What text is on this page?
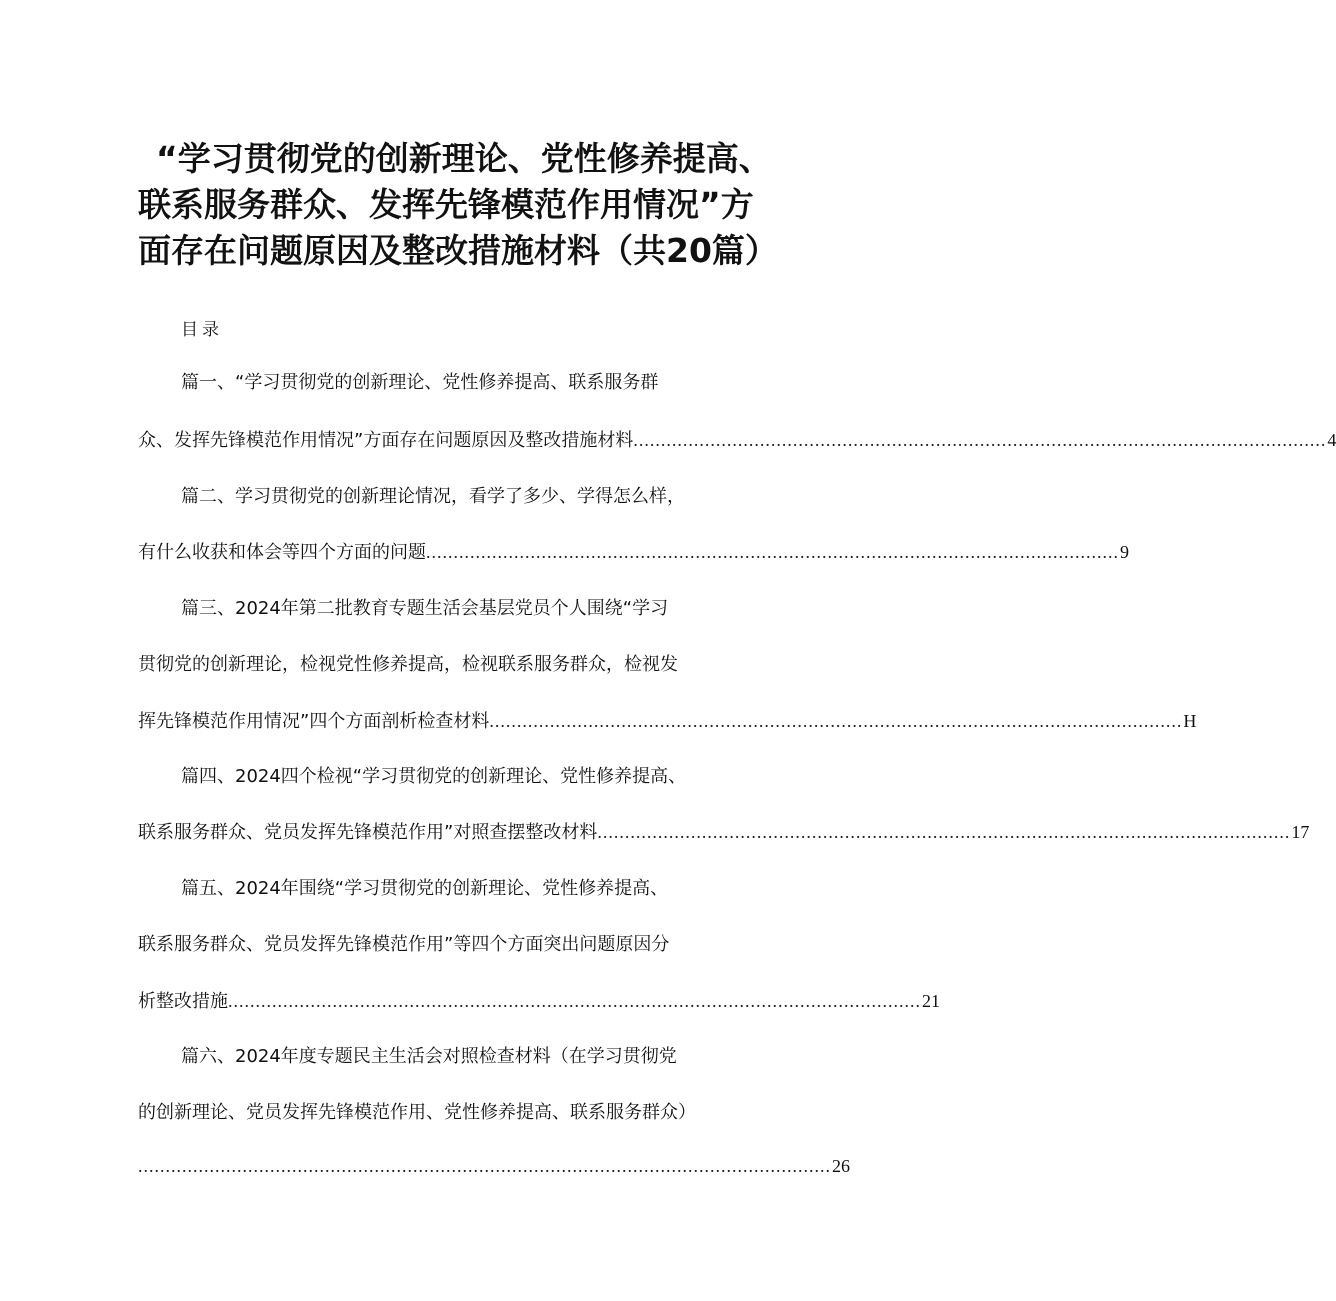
“学习贯彻党的创新理论、党性修养提高、
联系服务群众、发挥先锋模范作用情况”方
面存在问题原因及整改措施材料（共20篇）
目录
篇一、“学习贯彻党的创新理论、党性修养提高、联系服务群
众、发挥先锋模范作用情况”方面存在问题原因及整改措施材料 .............................................................................................................................. 4
篇二、学习贯彻党的创新理论情况，看学了多少、学得怎么样，
有什么收获和体会等四个方面的问题 .............................................................................................................................. 9
篇三、2024年第二批教育专题生活会基层党员个人围绕“学习
贯彻党的创新理论，检视党性修养提高，检视联系服务群众，检视发
挥先锋模范作用情况”四个方面剖析检查材料 .............................................................................................................................. H
篇四、2024四个检视“学习贯彻党的创新理论、党性修养提高、
联系服务群众、党员发挥先锋模范作用”对照查摆整改材料 .............................................................................................................................. 17
篇五、2024年围绕“学习贯彻党的创新理论、党性修养提高、
联系服务群众、党员发挥先锋模范作用”等四个方面突出问题原因分
析整改措施 .............................................................................................................................. 21
篇六、2024年度专题民主生活会对照检查材料（在学习贯彻党
的创新理论、党员发挥先锋模范作用、党性修养提高、联系服务群众）
.............................................................................................................................. 26
